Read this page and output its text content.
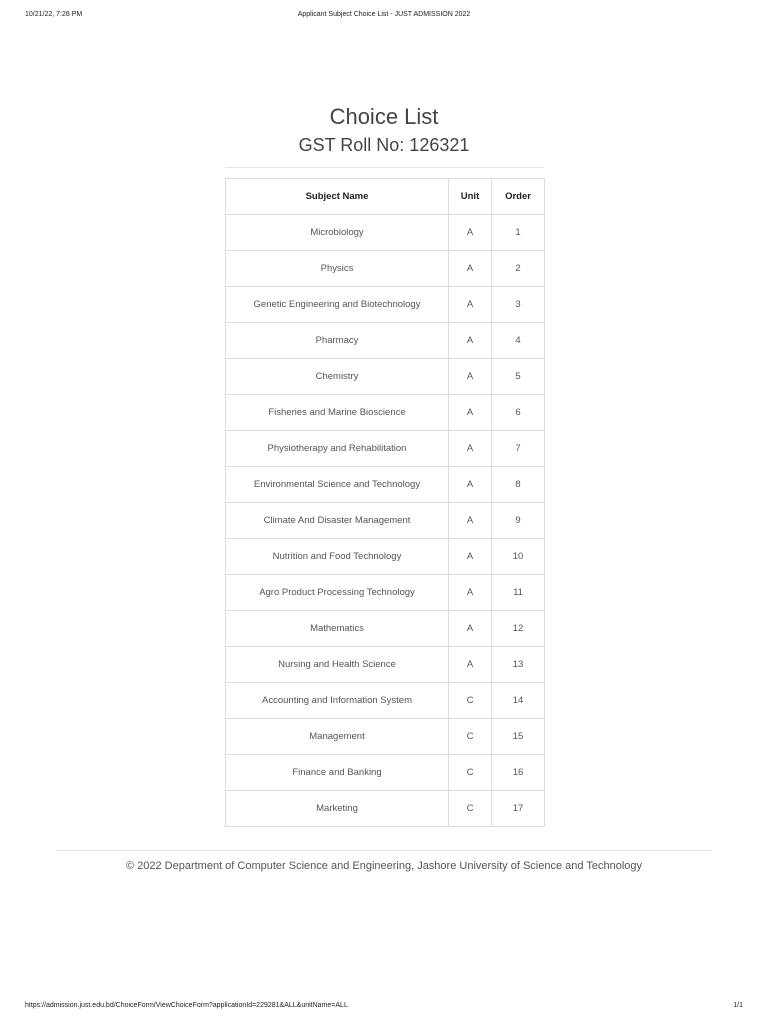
10/21/22, 7:28 PM	Applicant Subject Choice List - JUST ADMISSION 2022
Choice List
GST Roll No: 126321
Subject Name	Unit	Order
Microbiology	A	1
Physics	A	2
Genetic Engineering and Biotechnology	A	3
Pharmacy	A	4
Chemistry	A	5
Fisheries and Marine Bioscience	A	6
Physiotherapy and Rehabilitation	A	7
Environmental Science and Technology	A	8
Climate And Disaster Management	A	9
Nutrition and Food Technology	A	10
Agro Product Processing Technology	A	11
Mathematics	A	12
Nursing and Health Science	A	13
Accounting and Information System	C	14
Management	C	15
Finance and Banking	C	16
Marketing	C	17
© 2022 Department of Computer Science and Engineering, Jashore University of Science and Technology
https://admission.just.edu.bd/ChoiceForm/ViewChoiceForm?applicationId=229281&ALL&unitName=ALL	1/1
